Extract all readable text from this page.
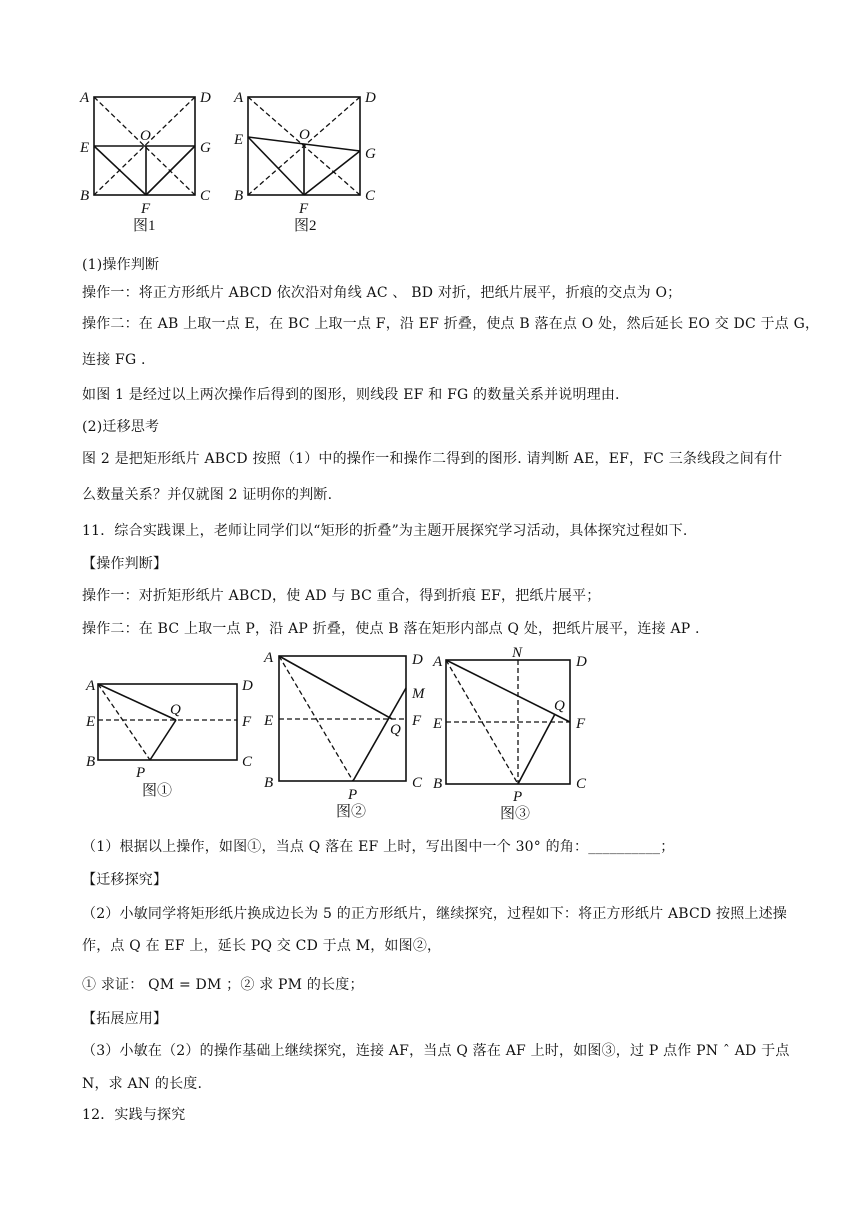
A	D
E
O
G
B	C
F
图1
A	D
E	O
G
B	C
F
图2
(1)操作判断
操作一：将正方形纸片 ABCD 依次沿对角线 AC 、 BD 对折，把纸片展平，折痕的交点为 O；
操作二：在 AB 上取一点 E，在 BC 上取一点 F，沿 EF 折叠，使点 B 落在点 O 处，然后延长 EO 交 DC 于点 G，
连接 FG .
如图 1 是经过以上两次操作后得到的图形，则线段 EF 和 FG 的数量关系并说明理由.
(2)迁移思考
图 2 是把矩形纸片 ABCD 按照（1）中的操作一和操作二得到的图形. 请判断 AE，EF，FC 三条线段之间有什
么数量关系？并仅就图 2 证明你的判断.
11．综合实践课上，老师让同学们以“矩形的折叠”为主题开展探究学习活动，具体探究过程如下.
【操作判断】
操作一：对折矩形纸片 ABCD，使 AD 与 BC 重合，得到折痕 EF，把纸片展平；
操作二：在 BC 上取一点 P，沿 AP 折叠，使点 B 落在矩形内部点 Q 处，把纸片展平，连接 AP .
A	D
E
Q
F
B
P
C
图①
A	D
M
E
Q
F
B
P
C
图②
A
N
D
E
Q
F
B
P
C
图③
（1）根据以上操作，如图①，当点 Q 落在 EF 上时，写出图中一个 30° 的角：__________；
【迁移探究】
（2）小敏同学将矩形纸片换成边长为 5 的正方形纸片，继续探究，过程如下：将正方形纸片 ABCD 按照上述操
作，点 Q 在 EF 上，延长 PQ 交 CD 于点 M，如图②，
① 求证： QM = DM ；② 求 PM 的长度；
【拓展应用】
（3）小敏在（2）的操作基础上继续探究，连接 AF，当点 Q 落在 AF 上时，如图③，过 P 点作 PN ˆ AD 于点
N，求 AN 的长度.
12．实践与探究
